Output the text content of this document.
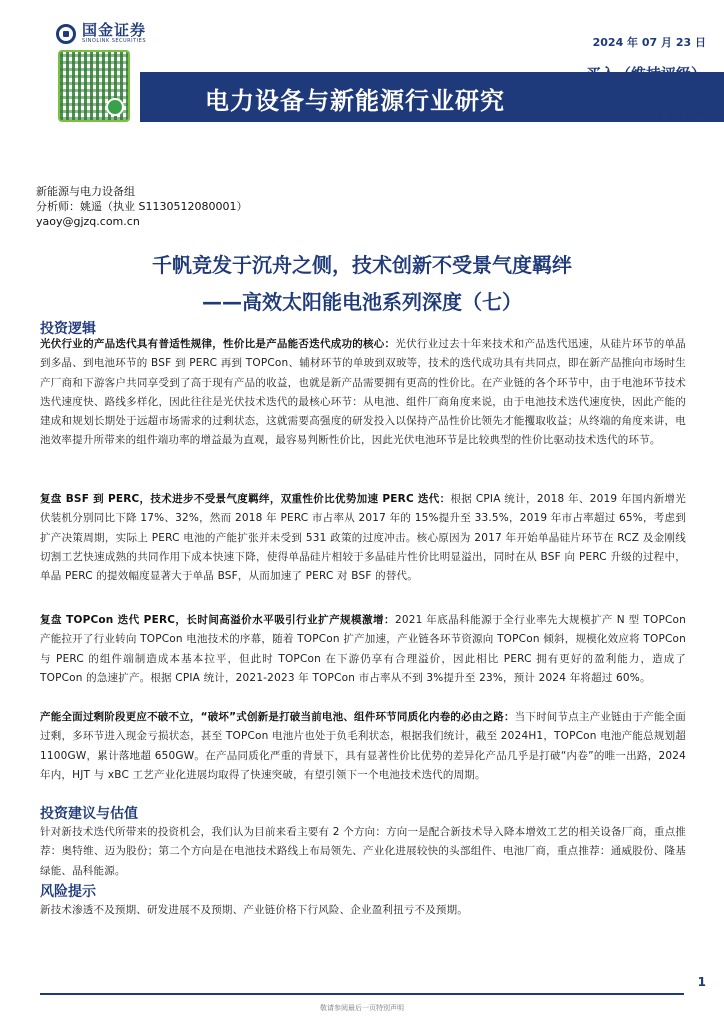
国金证券
SINOLINK SECURITIES
电力设备与新能源行业研究
2024 年 07 月 23 日
买入（维持评级）
行业专题研究报告
证券研究报告
新能源与电力设备组
分析师：姚遥（执业 S1130512080001）
yaoy@gjzq.com.cn
千帆竞发于沉舟之侧，技术创新不受景气度羁绊
——高效太阳能电池系列深度（七）
投资逻辑
光伏行业的产品迭代具有普适性规律，性价比是产品能否迭代成功的核心：光伏行业过去十年来技术和产品迭代迅速，从硅片环节的单晶到多晶、到电池环节的 BSF 到 PERC 再到 TOPCon、辅材环节的单玻到双玻等，技术的迭代成功具有共同点，即在新产品推向市场时生产厂商和下游客户共同享受到了高于现有产品的收益，也就是新产品需要拥有更高的性价比。在产业链的各个环节中，由于电池环节技术迭代速度快、路线多样化，因此往往是光伏技术迭代的最核心环节：从电池、组件厂商角度来说，由于电池技术迭代速度快，因此产能的建成和规划长期处于远超市场需求的过剩状态，这就需要高强度的研发投入以保持产品性价比领先才能攫取收益；从终端的角度来讲，电池效率提升所带来的组件端功率的增益最为直观，最容易判断性价比，因此光伏电池环节是比较典型的性价比驱动技术迭代的环节。
复盘 BSF 到 PERC，技术进步不受景气度羁绊，双重性价比优势加速 PERC 迭代：根据 CPIA 统计，2018 年、2019 年国内新增光伏装机分别同比下降 17%、32%，然而 2018 年 PERC 市占率从 2017 年的 15%提升至 33.5%，2019 年市占率超过 65%，考虑到扩产决策周期，实际上 PERC 电池的产能扩张并未受到 531 政策的过度冲击。核心原因为 2017 年开始单晶硅片环节在 RCZ 及金刚线切割工艺快速成熟的共同作用下成本快速下降，使得单晶硅片相较于多晶硅片性价比明显溢出，同时在从 BSF 向 PERC 升级的过程中，单晶 PERC 的提效幅度显著大于单晶 BSF，从而加速了 PERC 对 BSF 的替代。
复盘 TOPCon 迭代 PERC，长时间高溢价水平吸引行业扩产规模激增：2021 年底晶科能源于全行业率先大规模扩产 N 型 TOPCon 产能拉开了行业转向 TOPCon 电池技术的序幕，随着 TOPCon 扩产加速，产业链各环节资源向 TOPCon 倾斜，规模化效应将 TOPCon 与 PERC 的组件端制造成本基本拉平，但此时 TOPCon 在下游仍享有合理溢价，因此相比 PERC 拥有更好的盈利能力，造成了 TOPCon 的急速扩产。根据 CPIA 统计，2021-2023 年 TOPCon 市占率从不到 3%提升至 23%，预计 2024 年将超过 60%。
产能全面过剩阶段更应不破不立，“破坏”式创新是打破当前电池、组件环节同质化内卷的必由之路：当下时间节点主产业链由于产能全面过剩，多环节进入现金亏损状态，甚至 TOPCon 电池片也处于负毛利状态，根据我们统计，截至 2024H1，TOPCon 电池产能总规划超 1100GW，累计落地超 650GW。在产品同质化严重的背景下，具有显著性价比优势的差异化产品几乎是打破“内卷”的唯一出路，2024 年内，HJT 与 xBC 工艺产业化进展均取得了快速突破，有望引领下一个电池技术迭代的周期。
投资建议与估值
针对新技术迭代所带来的投资机会，我们认为目前来看主要有 2 个方向：方向一是配合新技术导入降本增效工艺的相关设备厂商，重点推荐：奥特维、迈为股份；第二个方向是在电池技术路线上布局领先、产业化进展较快的头部组件、电池厂商，重点推荐：通威股份、隆基绿能、晶科能源。
风险提示
新技术渗透不及预期、研发进展不及预期、产业链价格下行风险、企业盈利扭亏不及预期。
1
敬请参阅最后一页特别声明
